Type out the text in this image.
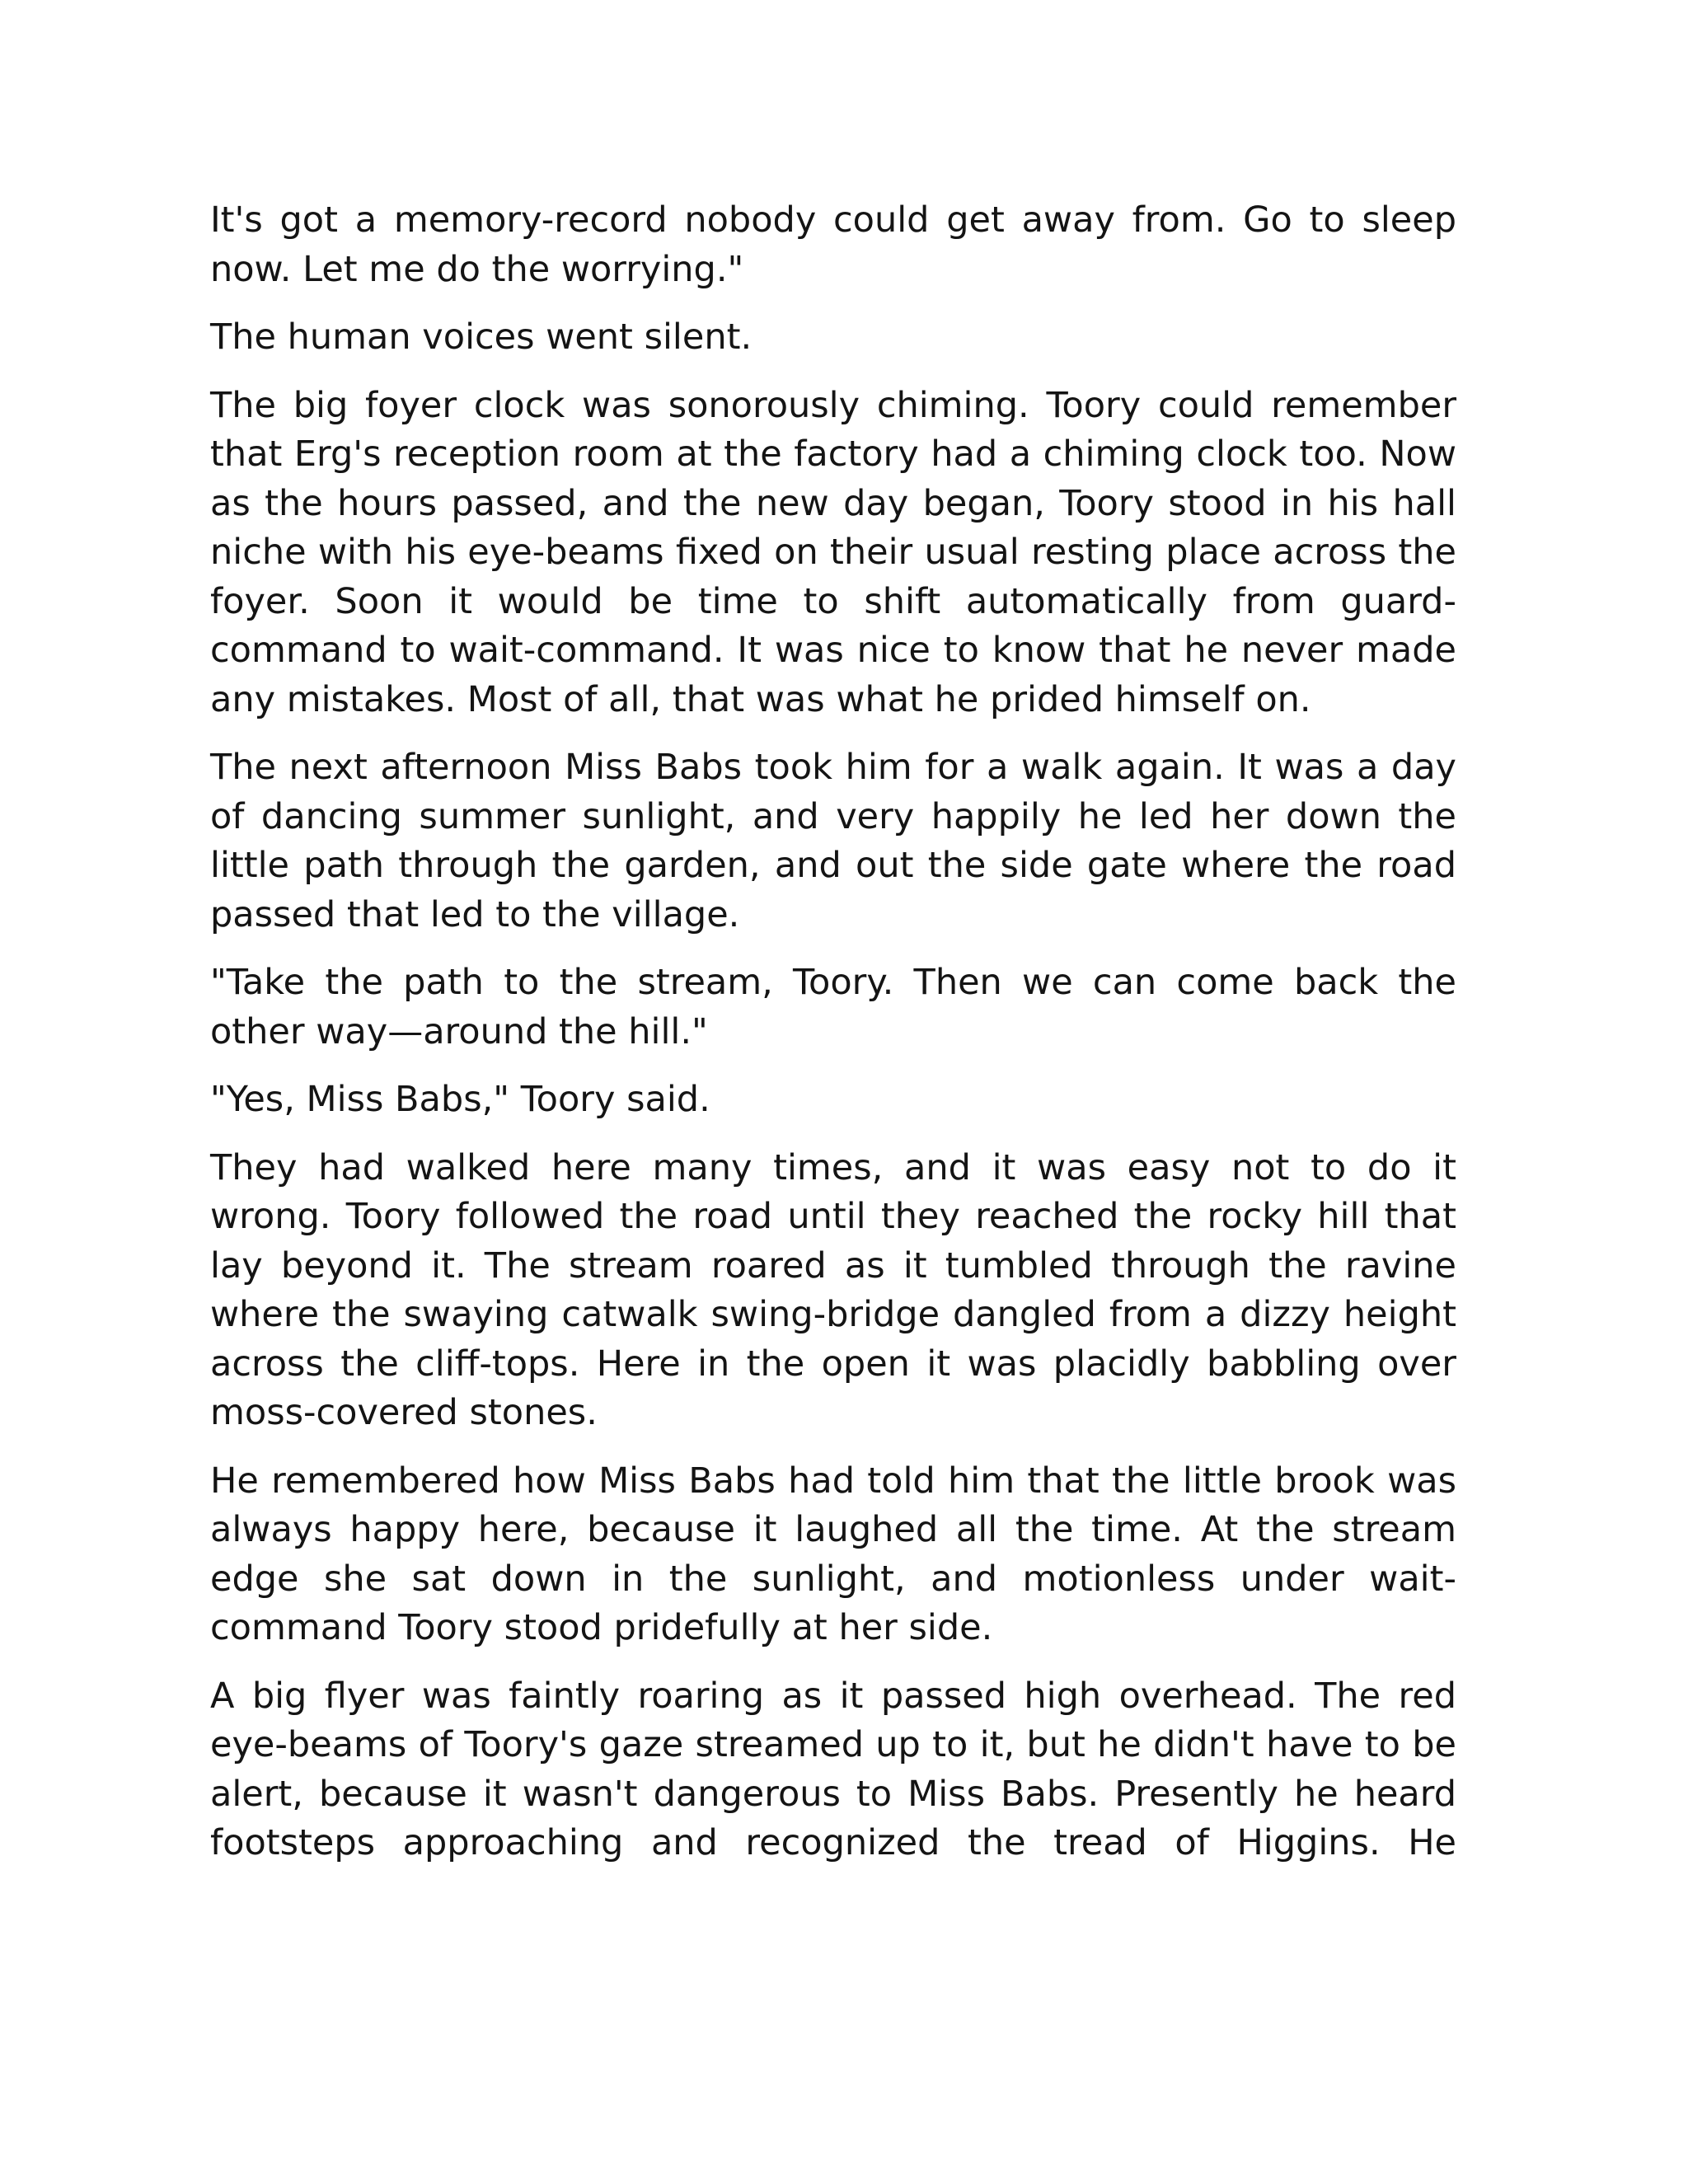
It's got a memory-record nobody could get away from. Go to sleep now. Let me do the worrying."

The human voices went silent.

The big foyer clock was sonorously chiming. Toory could remember that Erg's reception room at the factory had a chiming clock too. Now as the hours passed, and the new day began, Toory stood in his hall niche with his eye-beams fixed on their usual resting place across the foyer. Soon it would be time to shift automatically from guard-command to wait-command. It was nice to know that he never made any mistakes. Most of all, that was what he prided himself on.

The next afternoon Miss Babs took him for a walk again. It was a day of dancing summer sunlight, and very happily he led her down the little path through the garden, and out the side gate where the road passed that led to the village.

"Take the path to the stream, Toory. Then we can come back the other way—around the hill."

"Yes, Miss Babs," Toory said.

They had walked here many times, and it was easy not to do it wrong. Toory followed the road until they reached the rocky hill that lay beyond it. The stream roared as it tumbled through the ravine where the swaying catwalk swing-bridge dangled from a dizzy height across the cliff-tops. Here in the open it was placidly babbling over moss-covered stones.

He remembered how Miss Babs had told him that the little brook was always happy here, because it laughed all the time. At the stream edge she sat down in the sunlight, and motionless under wait-command Toory stood pridefully at her side.

A big flyer was faintly roaring as it passed high overhead. The red eye-beams of Toory's gaze streamed up to it, but he didn't have to be alert, because it wasn't dangerous to Miss Babs. Presently he heard footsteps approaching and recognized the tread of Higgins. He
